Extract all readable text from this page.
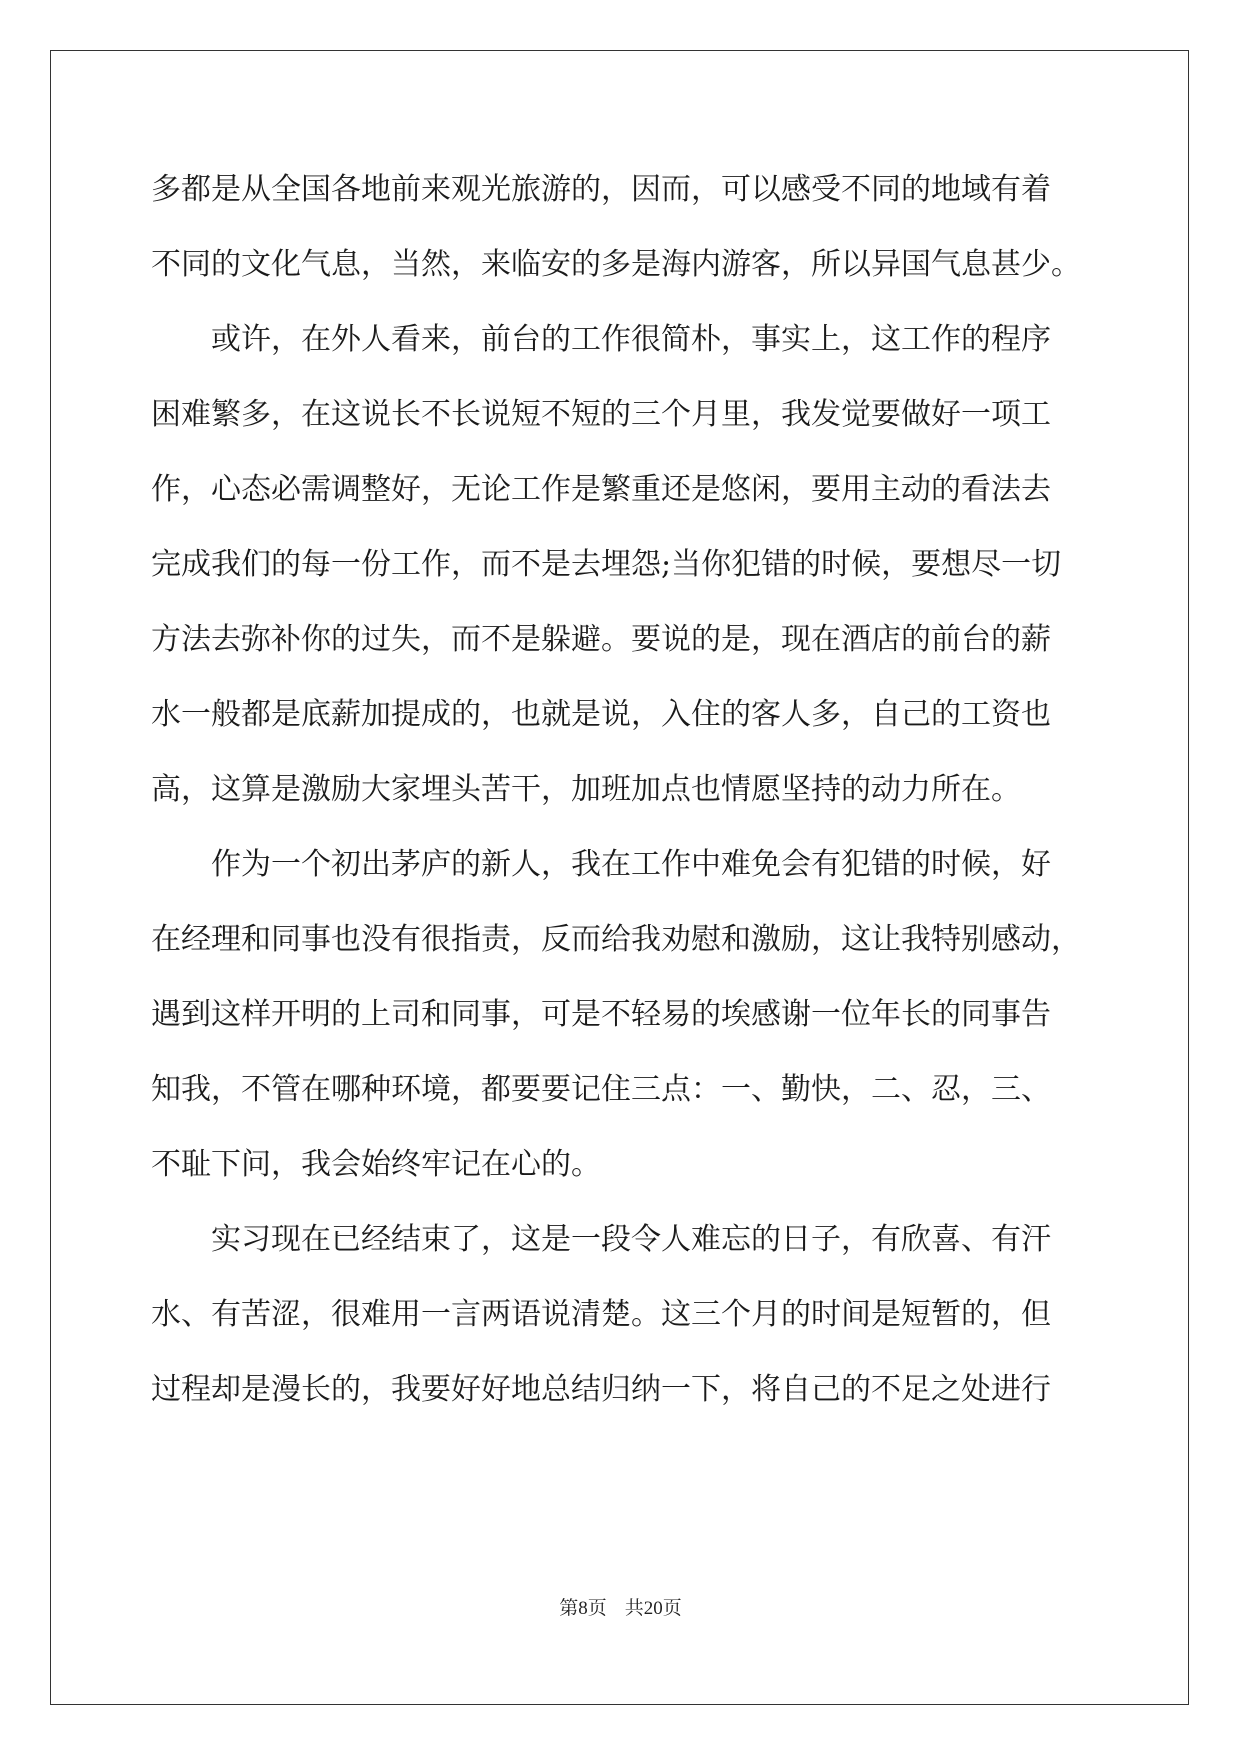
多都是从全国各地前来观光旅游的，因而，可以感受不同的地域有着
不同的文化气息，当然，来临安的多是海内游客，所以异国气息甚少。
　　或许，在外人看来，前台的工作很简朴，事实上，这工作的程序
困难繁多，在这说长不长说短不短的三个月里，我发觉要做好一项工
作，心态必需调整好，无论工作是繁重还是悠闲，要用主动的看法去
完成我们的每一份工作，而不是去埋怨;当你犯错的时候，要想尽一切
方法去弥补你的过失，而不是躲避。要说的是，现在酒店的前台的薪
水一般都是底薪加提成的，也就是说，入住的客人多，自己的工资也
高，这算是激励大家埋头苦干，加班加点也情愿坚持的动力所在。
　　作为一个初出茅庐的新人，我在工作中难免会有犯错的时候，好
在经理和同事也没有很指责，反而给我劝慰和激励，这让我特别感动，
遇到这样开明的上司和同事，可是不轻易的埃感谢一位年长的同事告
知我，不管在哪种环境，都要要记住三点：一、勤快，二、忍，三、
不耻下问，我会始终牢记在心的。
　　实习现在已经结束了，这是一段令人难忘的日子，有欣喜、有汗
水、有苦涩，很难用一言两语说清楚。这三个月的时间是短暂的，但
过程却是漫长的，我要好好地总结归纳一下，将自己的不足之处进行
第8页 共20页
